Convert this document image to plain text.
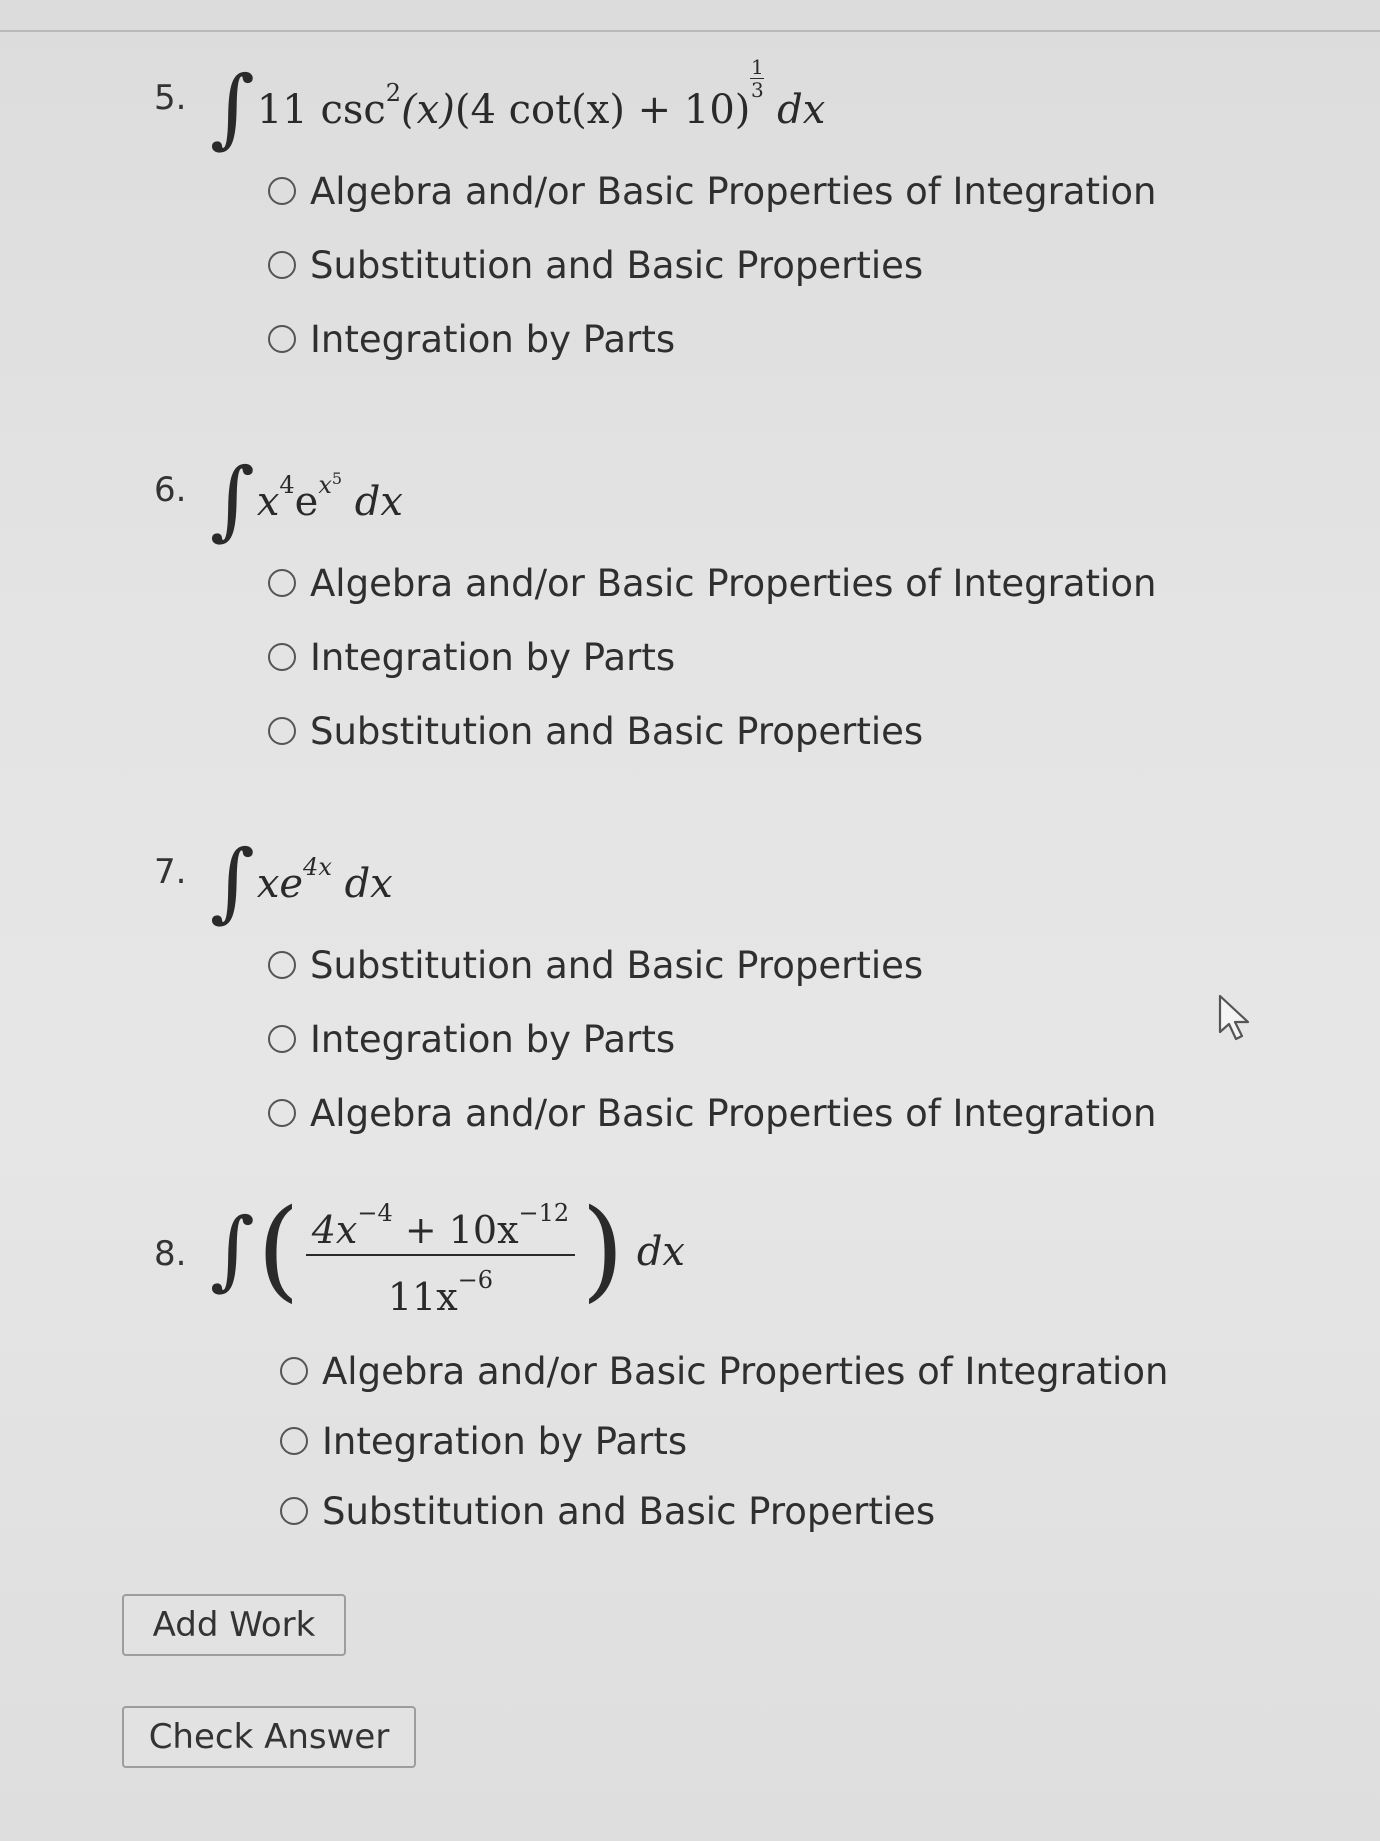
5. ∫11 $\csc^2(x)(4$ $\cot(x) + 10)\frac{1}{3}$ dx
Algebra and/or Basic Properties of Integration
Substitution and Basic Properties
Integration by Parts
6. $\int x^4e^{x^5}$ dx
Algebra and/or Basic Properties of Integration
Integration by Parts
Substitution and Basic Properties
7. $\int xe^{4x}$ dx
Substitution and Basic Properties
Integration by Parts
Algebra and/or Basic Properties of Integration
8. ∫( $\frac{4x^{-4} + 10x^{-12}}{11x^{-6}}$ ) dx
Algebra and/or Basic Properties of Integration
Integration by Parts
Substitution and Basic Properties
Add Work
Check Answer
